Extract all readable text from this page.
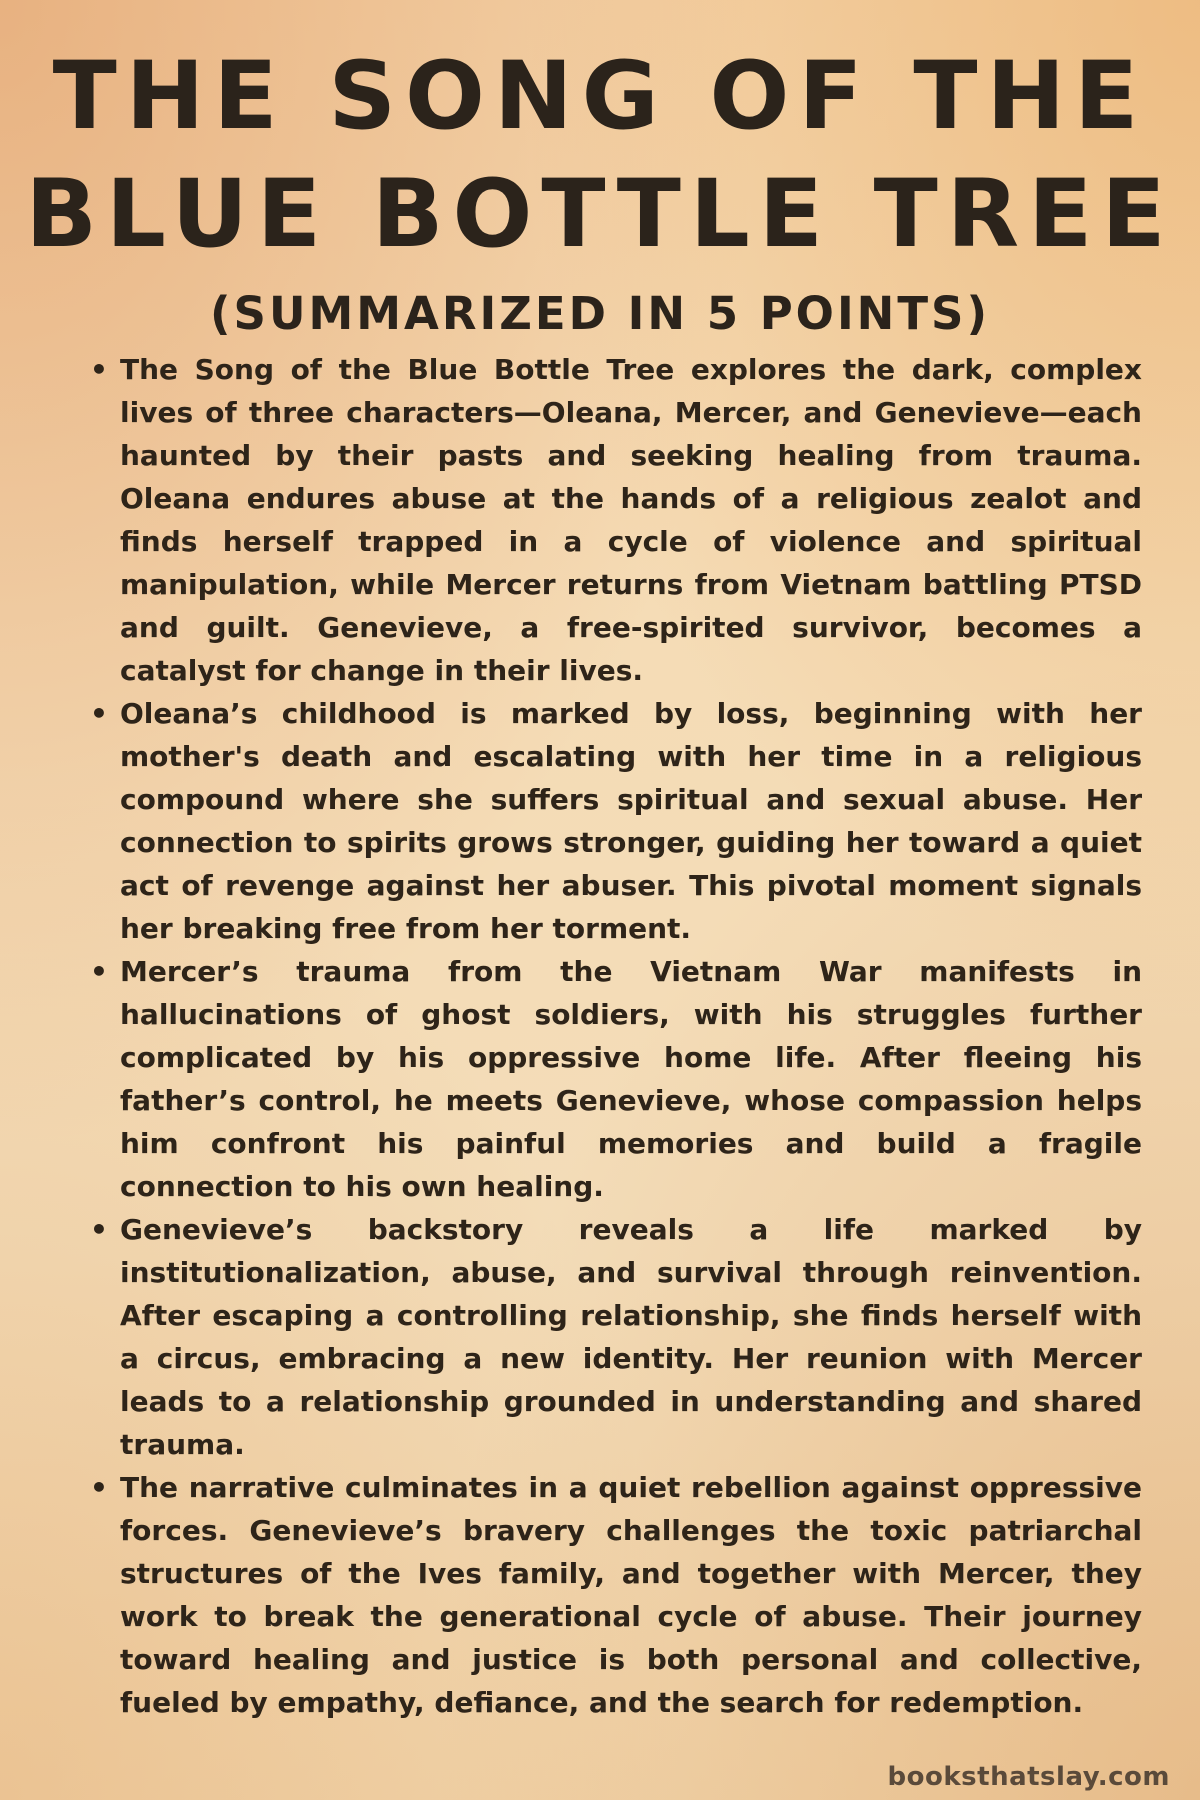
THE SONG OF THE
BLUE BOTTLE TREE
(SUMMARIZED IN 5 POINTS)
• The Song of the Blue Bottle Tree explores the dark, complex lives of three characters—Oleana, Mercer, and Genevieve—each haunted by their pasts and seeking healing from trauma. Oleana endures abuse at the hands of a religious zealot and finds herself trapped in a cycle of violence and spiritual manipulation, while Mercer returns from Vietnam battling PTSD and guilt. Genevieve, a free-spirited survivor, becomes a catalyst for change in their lives.
• Oleana’s childhood is marked by loss, beginning with her mother's death and escalating with her time in a religious compound where she suffers spiritual and sexual abuse. Her connection to spirits grows stronger, guiding her toward a quiet act of revenge against her abuser. This pivotal moment signals her breaking free from her torment.
• Mercer’s trauma from the Vietnam War manifests in hallucinations of ghost soldiers, with his struggles further complicated by his oppressive home life. After fleeing his father’s control, he meets Genevieve, whose compassion helps him confront his painful memories and build a fragile connection to his own healing.
• Genevieve’s backstory reveals a life marked by institutionalization, abuse, and survival through reinvention. After escaping a controlling relationship, she finds herself with a circus, embracing a new identity. Her reunion with Mercer leads to a relationship grounded in understanding and shared trauma.
• The narrative culminates in a quiet rebellion against oppressive forces. Genevieve’s bravery challenges the toxic patriarchal structures of the Ives family, and together with Mercer, they work to break the generational cycle of abuse. Their journey toward healing and justice is both personal and collective, fueled by empathy, defiance, and the search for redemption.
booksthatslay.com
